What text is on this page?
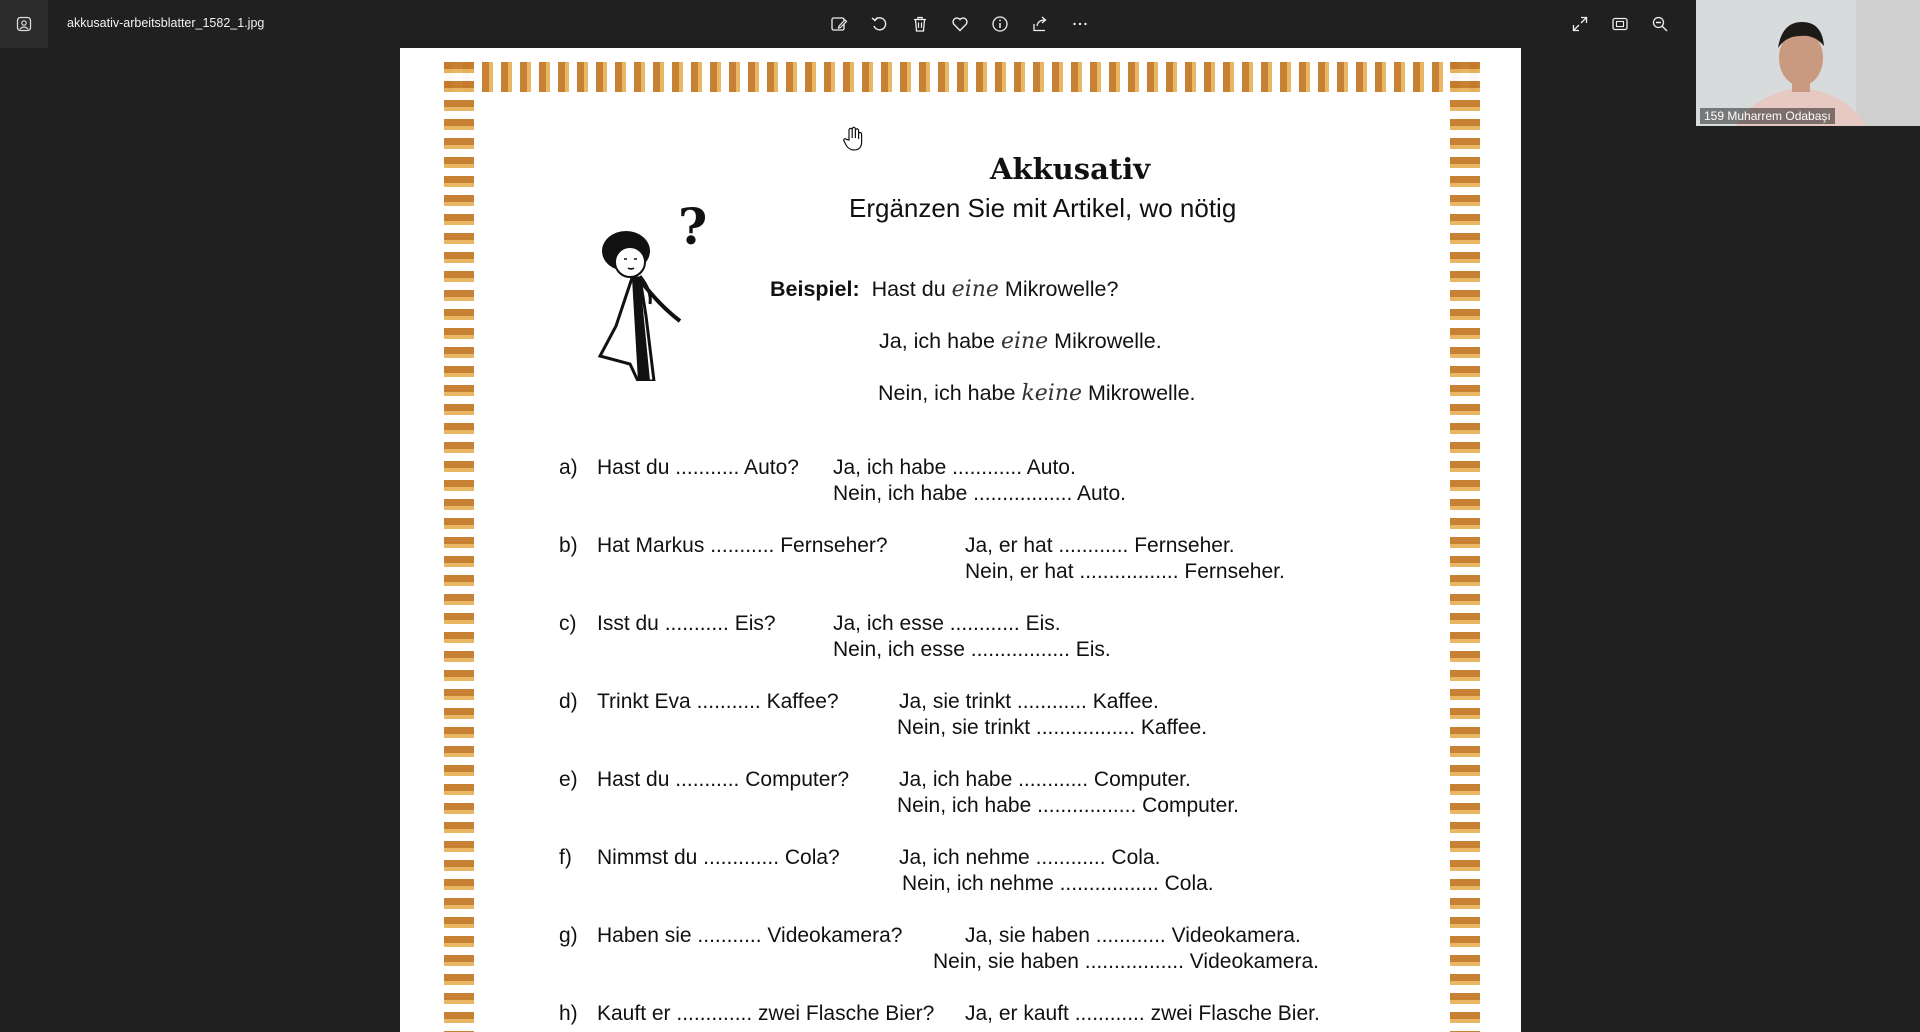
akkusativ-arbeitsblatter_1582_1.jpg
Akkusativ
Ergänzen Sie mit Artikel, wo nötig
?
Beispiel: Hast du eine Mikrowelle?
Ja, ich habe eine Mikrowelle.
Nein, ich habe keine Mikrowelle.
a) Hast du ........... Auto? Ja, ich habe ............ Auto.
Nein, ich habe ................. Auto.
b) Hat Markus ........... Fernseher?	Ja, er hat ............ Fernseher.
Nein, er hat ................. Fernseher.
c) Isst du ........... Eis?	Ja, ich esse ............ Eis.
Nein, ich esse ................. Eis.
d) Trinkt Eva ........... Kaffee?	Ja, sie trinkt ............ Kaffee.
Nein, sie trinkt ................. Kaffee.
e) Hast du ........... Computer? Ja, ich habe ............ Computer.
Nein, ich habe ................. Computer.
f) Nimmst du ............. Cola?	Ja, ich nehme ............ Cola.
Nein, ich nehme ................. Cola.
g) Haben sie ........... Videokamera?	Ja, sie haben ............ Videokamera.
Nein, sie haben ................. Videokamera.
h) Kauft er ............. zwei Flasche Bier? Ja, er kauft ............ zwei Flasche Bier.
159 Muharrem Odabaşı
